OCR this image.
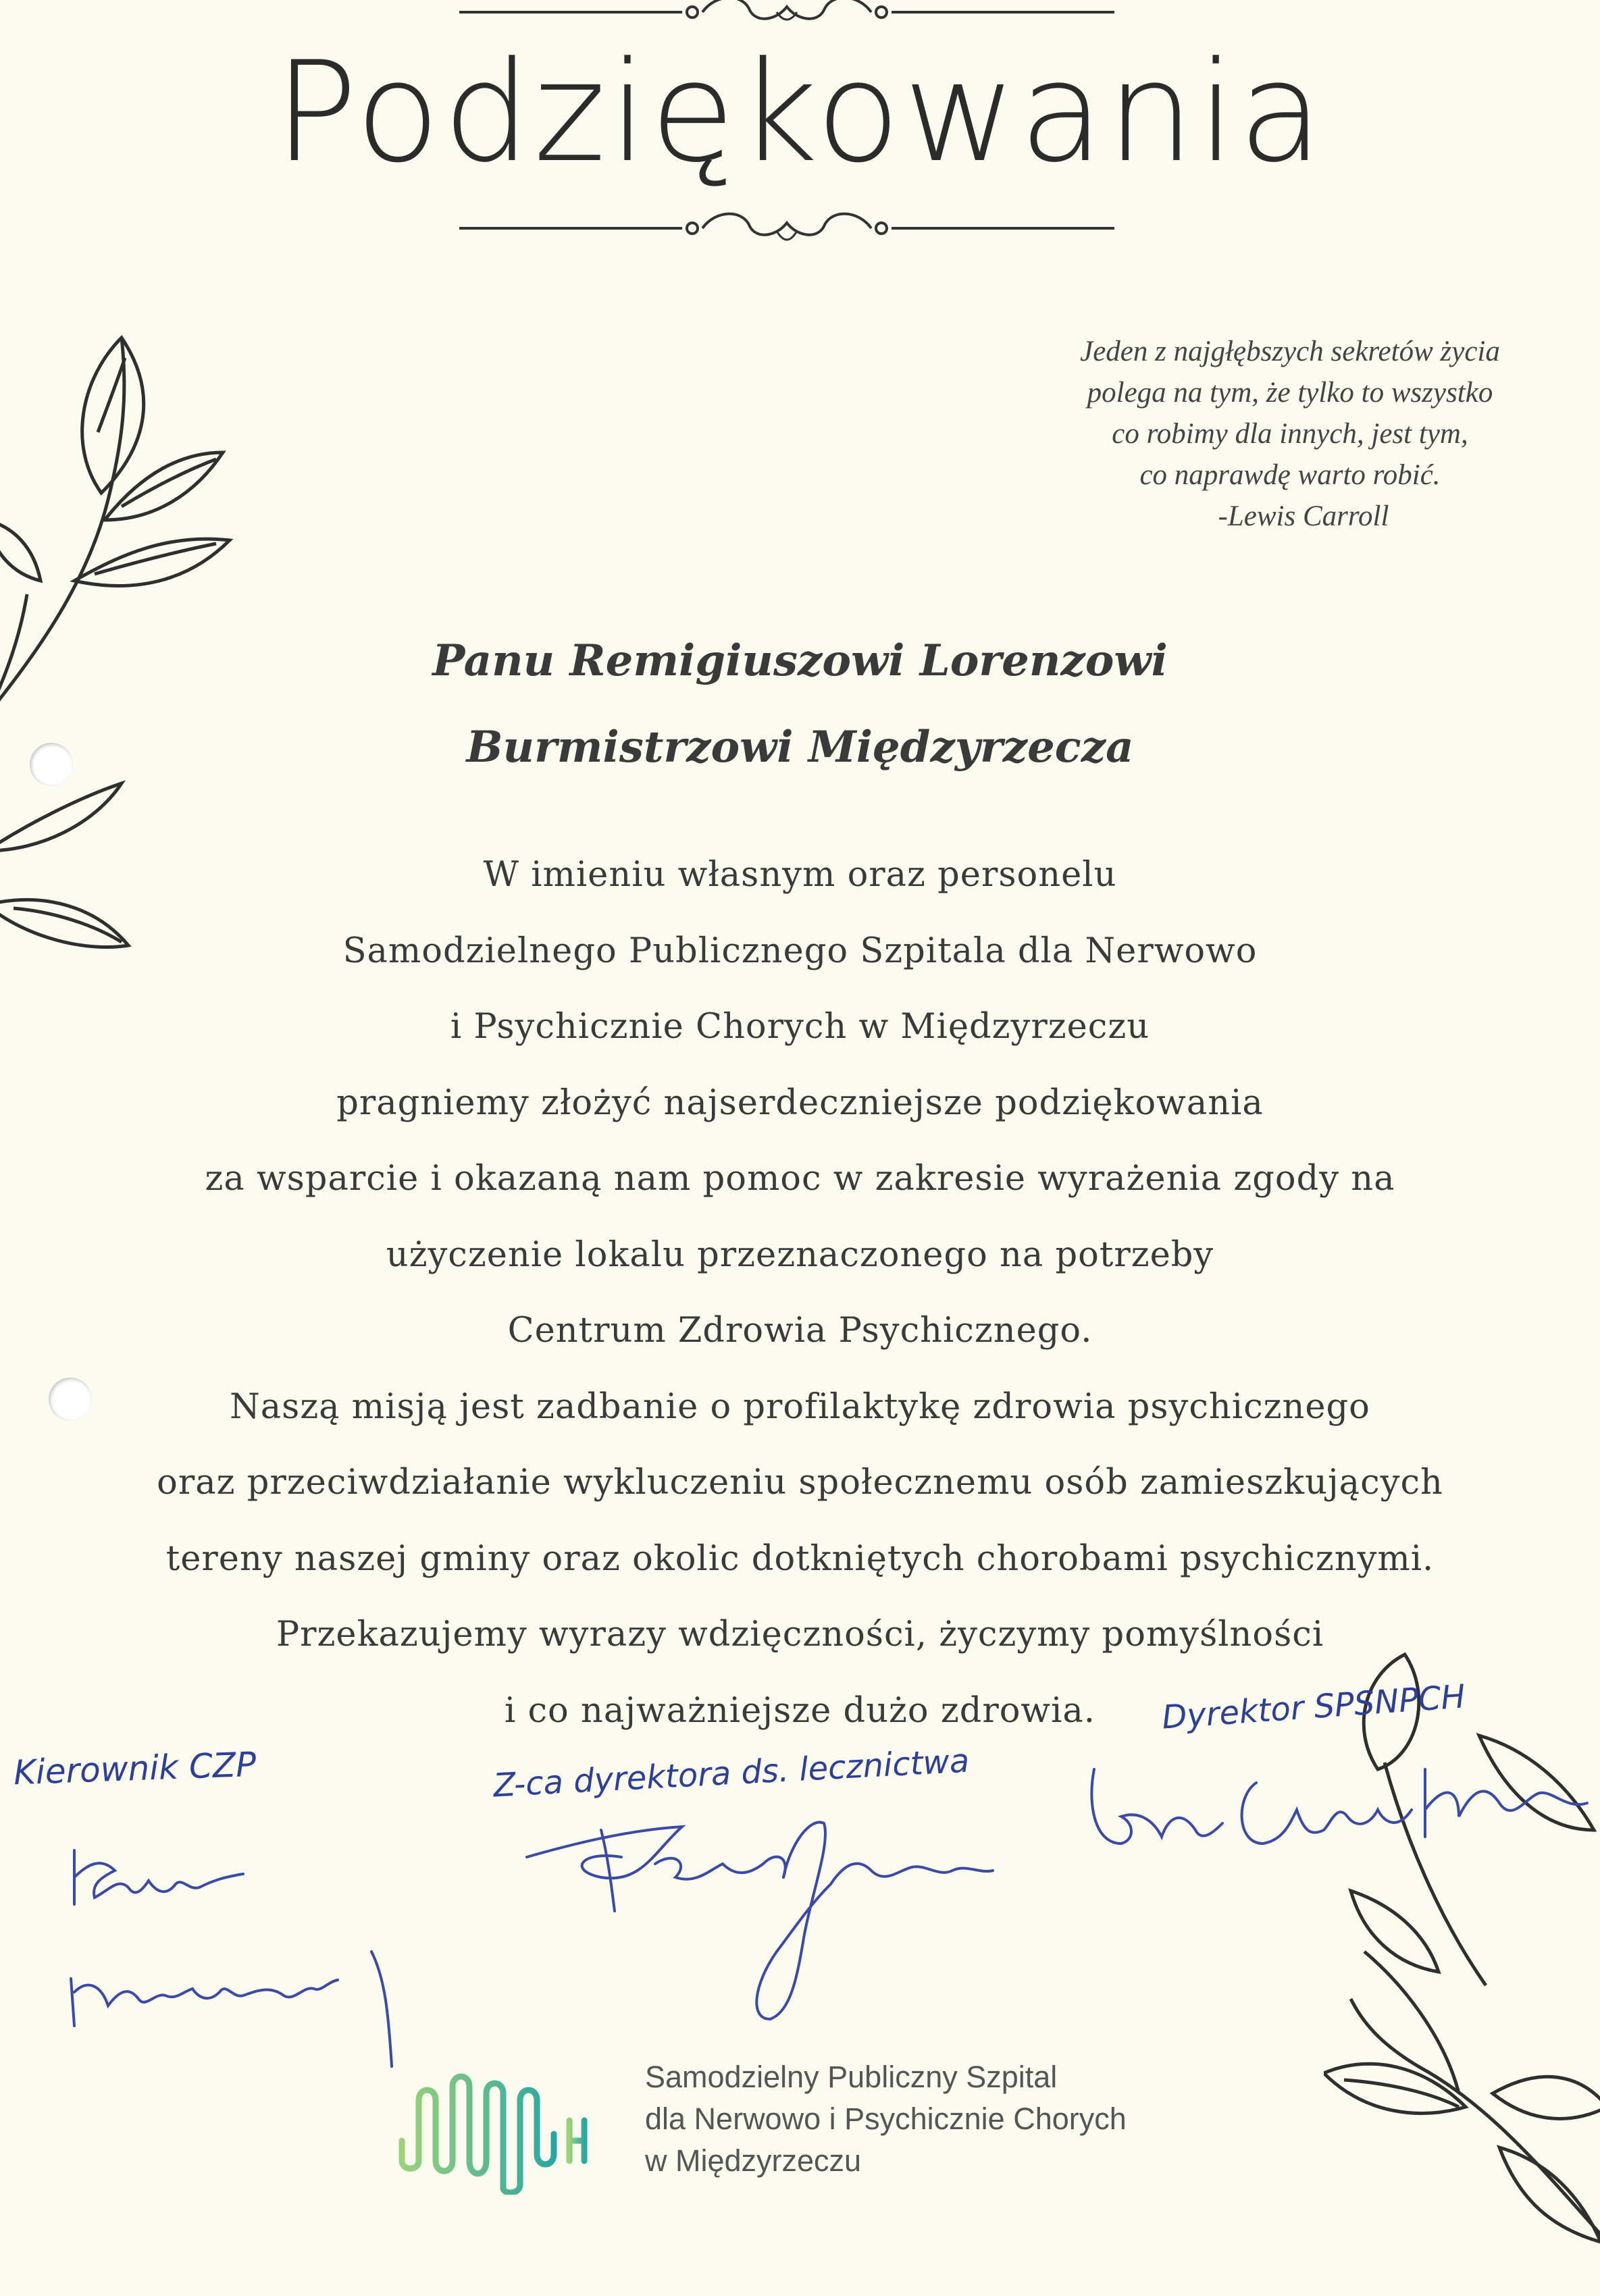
Podziękowania
Jeden z najgłębszych sekretów życia
polega na tym, że tylko to wszystko
co robimy dla innych, jest tym,
co naprawdę warto robić.
-Lewis Carroll
Panu Remigiuszowi Lorenzowi
Burmistrzowi Międzyrzecza
W imieniu własnym oraz personelu
Samodzielnego Publicznego Szpitala dla Nerwowo
i Psychicznie Chorych w Międzyrzeczu
pragniemy złożyć najserdeczniejsze podziękowania
za wsparcie i okazaną nam pomoc w zakresie wyrażenia zgody na
użyczenie lokalu przeznaczonego na potrzeby
Centrum Zdrowia Psychicznego.
Naszą misją jest zadbanie o profilaktykę zdrowia psychicznego
oraz przeciwdziałanie wykluczeniu społecznemu osób zamieszkujących
tereny naszej gminy oraz okolic dotkniętych chorobami psychicznymi.
Przekazujemy wyrazy wdzięczności, życzymy pomyślności
i co najważniejsze dużo zdrowia.
Kierownik CZP	Z-ca dyrektora ds. lecznictwa
Dyrektor SPSNPCH
Samodzielny Publiczny Szpital
dla Nerwowo i Psychicznie Chorych
w Międzyrzeczu
